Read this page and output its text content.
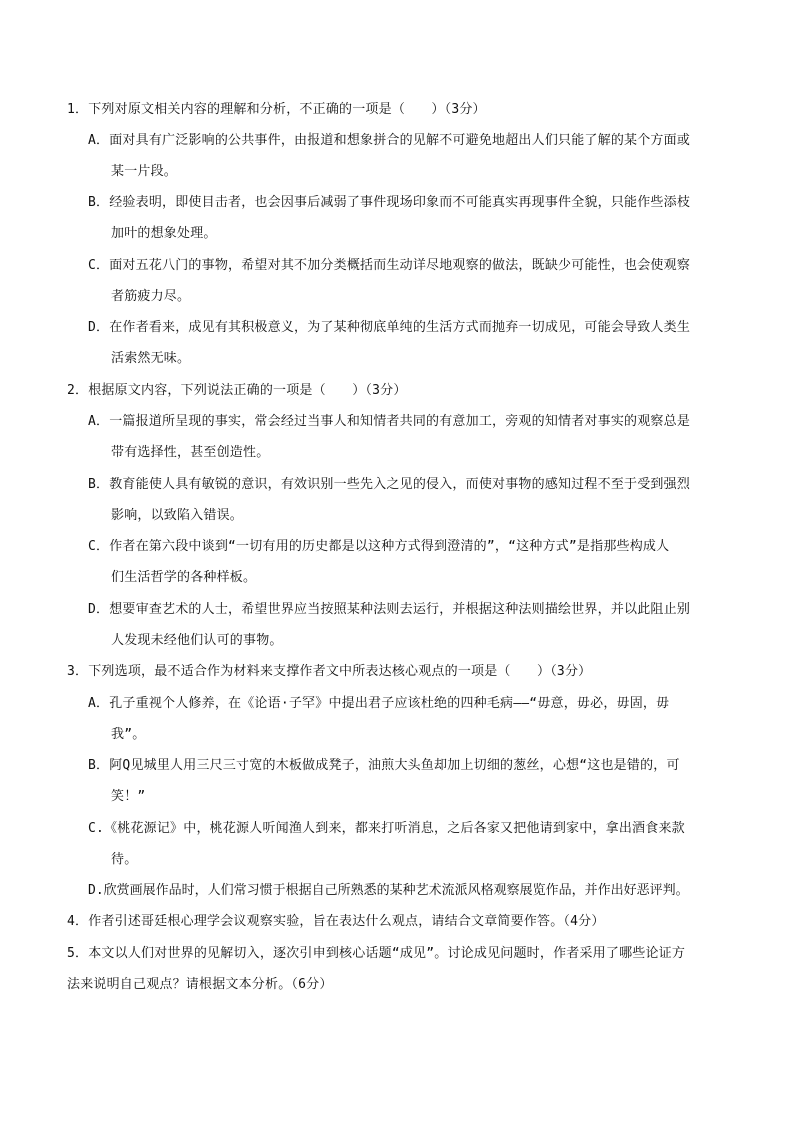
1．下列对原文相关内容的理解和分析，不正确的一项是（　　）（3分）
A．面对具有广泛影响的公共事件，由报道和想象拼合的见解不可避免地超出人们只能了解的某个方面或
某一片段。
B．经验表明，即使目击者，也会因事后减弱了事件现场印象而不可能真实再现事件全貌，只能作些添枝
加叶的想象处理。
C．面对五花八门的事物，希望对其不加分类概括而生动详尽地观察的做法，既缺少可能性，也会使观察
者筋疲力尽。
D．在作者看来，成见有其积极意义，为了某种彻底单纯的生活方式而抛弃一切成见，可能会导致人类生
活索然无味。
2．根据原文内容，下列说法正确的一项是（　　）（3分）
A．一篇报道所呈现的事实，常会经过当事人和知情者共同的有意加工，旁观的知情者对事实的观察总是
带有选择性，甚至创造性。
B．教育能使人具有敏锐的意识，有效识别一些先入之见的侵入，而使对事物的感知过程不至于受到强烈
影响，以致陷入错误。
C．作者在第六段中谈到“一切有用的历史都是以这种方式得到澄清的”，“这种方式”是指那些构成人
们生活哲学的各种样板。
D．想要审查艺术的人士，希望世界应当按照某种法则去运行，并根据这种法则描绘世界，并以此阻止别
人发现未经他们认可的事物。
3．下列选项，最不适合作为材料来支撑作者文中所表达核心观点的一项是（　　）（3分）
A．孔子重视个人修养，在《论语·子罕》中提出君子应该杜绝的四种毛病——“毋意，毋必，毋固，毋
我”。
B．阿Q见城里人用三尺三寸宽的木板做成凳子，油煎大头鱼却加上切细的葱丝，心想“这也是错的，可
笑！”
C.《桃花源记》中，桃花源人听闻渔人到来，都来打听消息，之后各家又把他请到家中，拿出酒食来款
待。
D.欣赏画展作品时，人们常习惯于根据自己所熟悉的某种艺术流派风格观察展览作品，并作出好恶评判。
4．作者引述哥廷根心理学会议观察实验，旨在表达什么观点，请结合文章简要作答。（4分）
5．本文以人们对世界的见解切入，逐次引申到核心话题“成见”。讨论成见问题时，作者采用了哪些论证方
法来说明自己观点？请根据文本分析。（6分）
